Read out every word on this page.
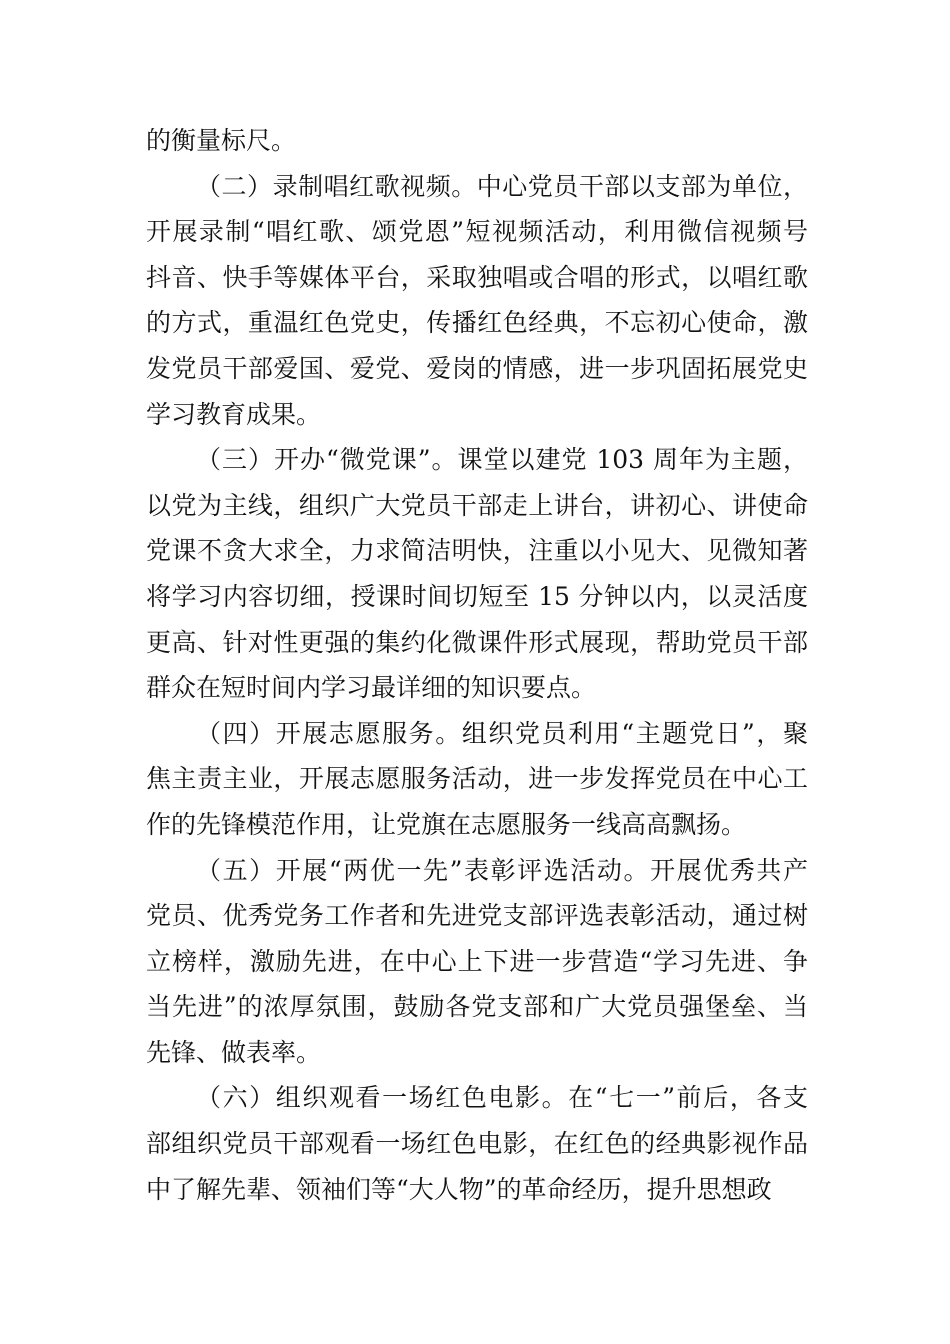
的衡量标尺。
（二）录制唱红歌视频。中心党员干部以支部为单位，
开展录制“唱红歌、颂党恩”短视频活动，利用微信视频号
抖音、快手等媒体平台，采取独唱或合唱的形式，以唱红歌
的方式，重温红色党史，传播红色经典，不忘初心使命，激
发党员干部爱国、爱党、爱岗的情感，进一步巩固拓展党史
学习教育成果。
（三）开办“微党课”。课堂以建党 103 周年为主题，
以党为主线，组织广大党员干部走上讲台，讲初心、讲使命
党课不贪大求全，力求简洁明快，注重以小见大、见微知著
将学习内容切细，授课时间切短至 15 分钟以内，以灵活度
更高、针对性更强的集约化微课件形式展现，帮助党员干部
群众在短时间内学习最详细的知识要点。
（四）开展志愿服务。组织党员利用“主题党日”，聚
焦主责主业，开展志愿服务活动，进一步发挥党员在中心工
作的先锋模范作用，让党旗在志愿服务一线高高飘扬。
（五）开展“两优一先”表彰评选活动。开展优秀共产
党员、优秀党务工作者和先进党支部评选表彰活动，通过树
立榜样，激励先进，在中心上下进一步营造“学习先进、争
当先进”的浓厚氛围，鼓励各党支部和广大党员强堡垒、当
先锋、做表率。
（六）组织观看一场红色电影。在“七一”前后，各支
部组织党员干部观看一场红色电影，在红色的经典影视作品
中了解先辈、领袖们等“大人物”的革命经历，提升思想政
